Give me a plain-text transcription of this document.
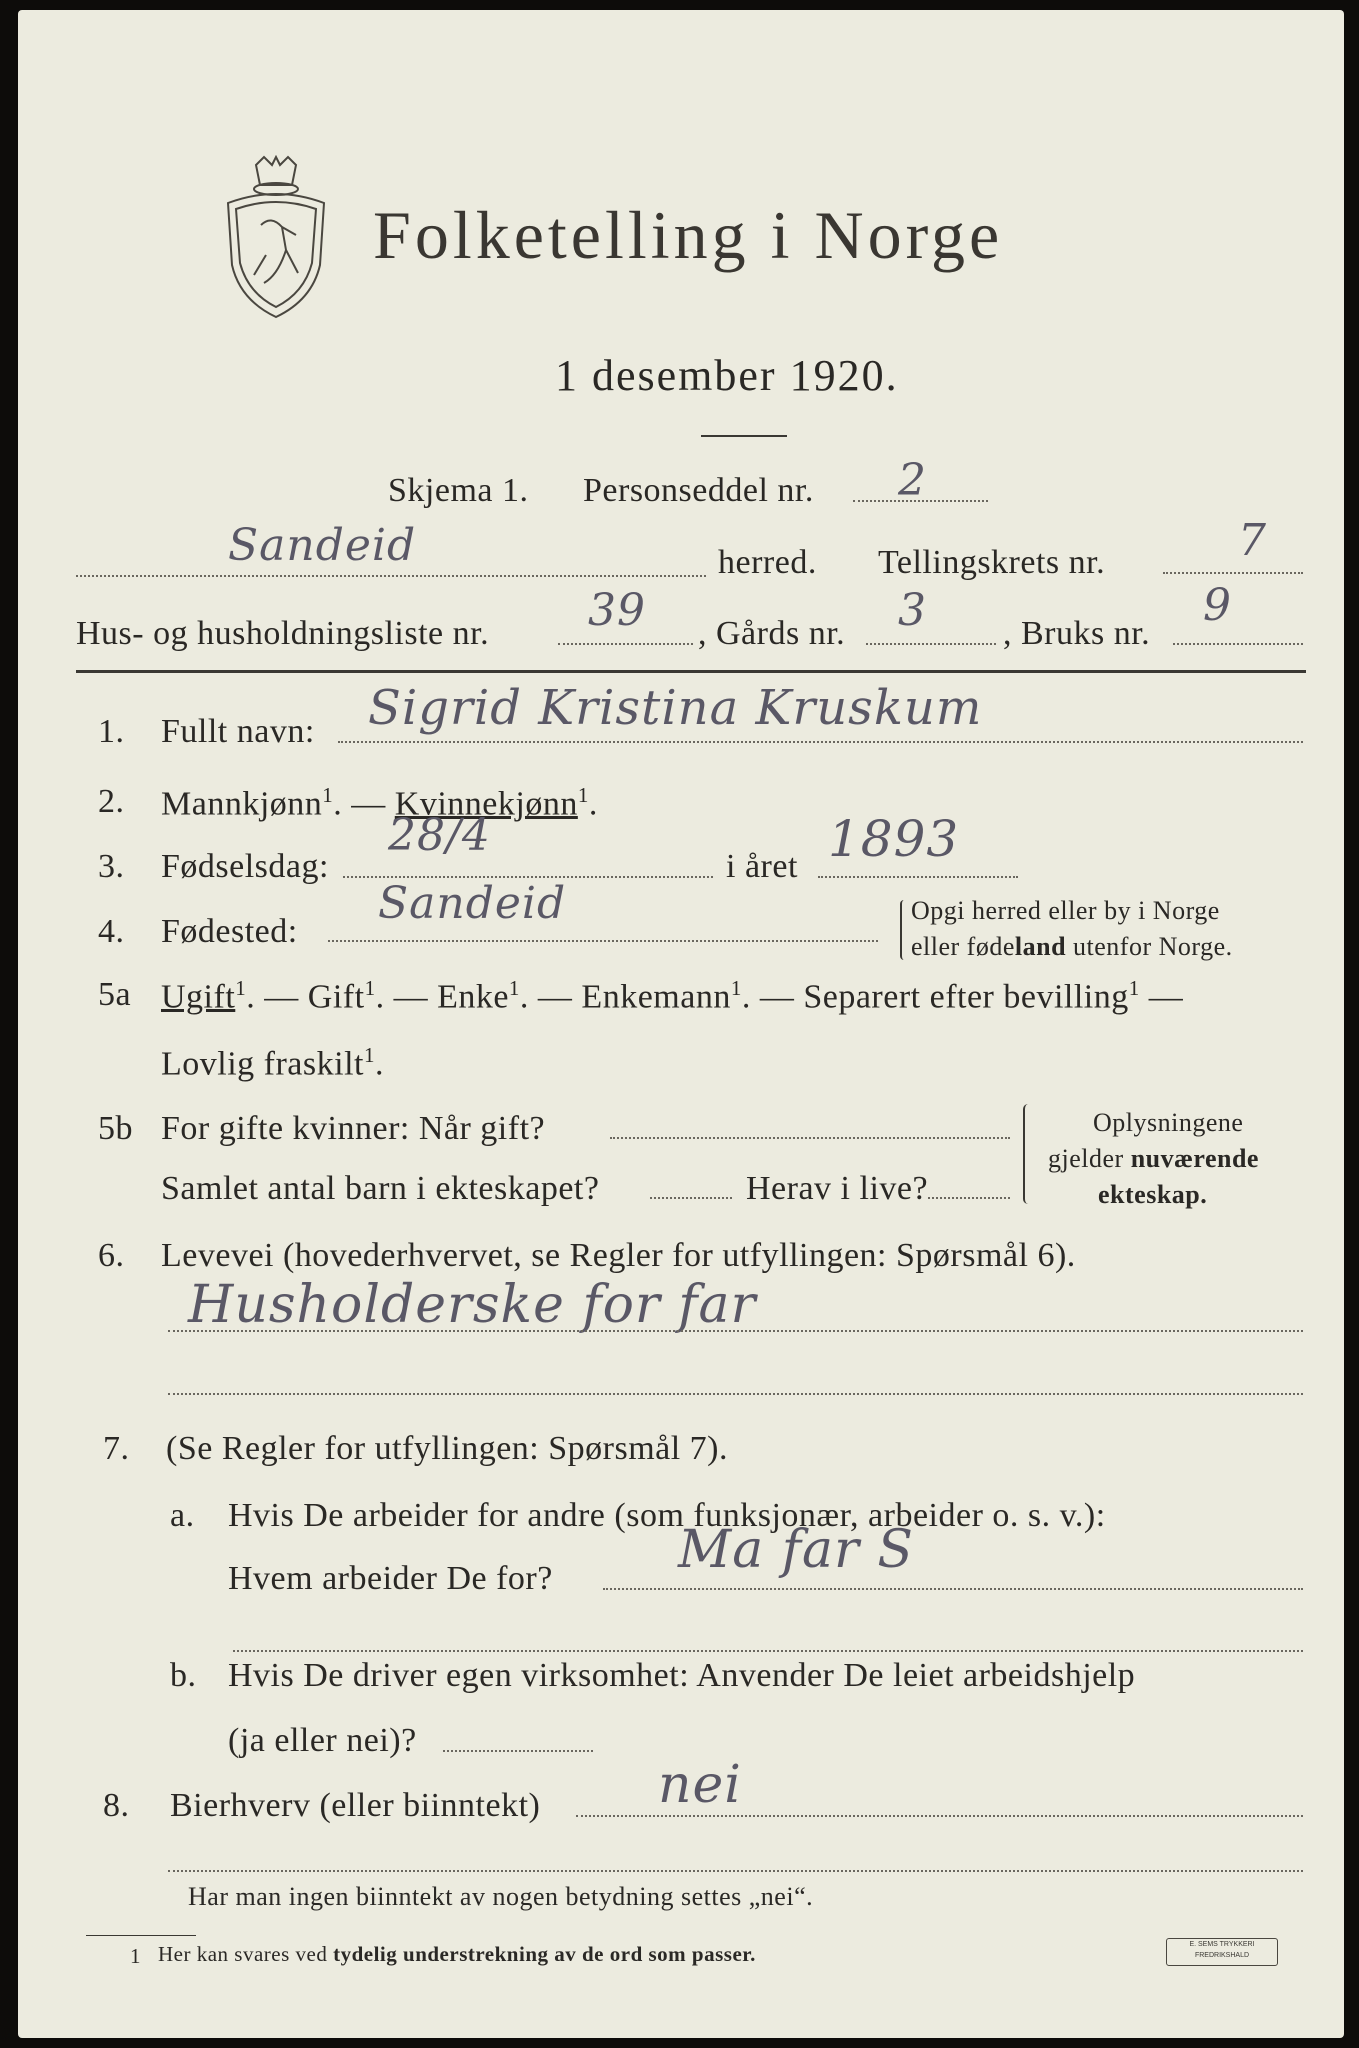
Folketelling i Norge
1 desember 1920.
Skjema 1. Personseddel nr. 2
Sandeid	herred. Tellingskrets nr.	7
Hus- og husholdningsliste nr. 39 , Gårds nr. 3 , Bruks nr.
9
1. Fullt navn: Sigrid Kristina Kruskum
2. Mannkjønn$^1$. — Kvinnekjønn$^1$.
3. Fødselsdag:
28/4
i året 1893
4. Fødested:
Sandeid	Opgi herred eller by i Norge
eller fødeland utenfor Norge.
5a Ugift$^1$. — Gift$^1$. — Enke$^1$. — Enkemann$^1$. — Separert efter bevilling$^1$ —
Lovlig fraskilt$^1$.
5b For gifte kvinner: Når gift?
Samlet antal barn i ekteskapet?	Herav i live?
Oplysningene
gjelder nuværende
ekteskap.
6. Levevei (hovederhvervet, se Regler for utfyllingen: Spørsmål 6).
Husholderske for far
7. (Se Regler for utfyllingen: Spørsmål 7).
a. Hvis De arbeider for andre (som funksjonær, arbeider o. s. v.):
Hvem arbeider De for? Ma far S
b. Hvis De driver egen virksomhet: Anvender De leiet arbeidshjelp
(ja eller nei)?
8. Bierhverv (eller biinntekt) nei
Har man ingen biinntekt av nogen betydning settes „nei“.
1 Her kan svares ved tydelig understrekning av de ord som passer.	E. SEMS TRYKKERI FREDRIKSHALD
